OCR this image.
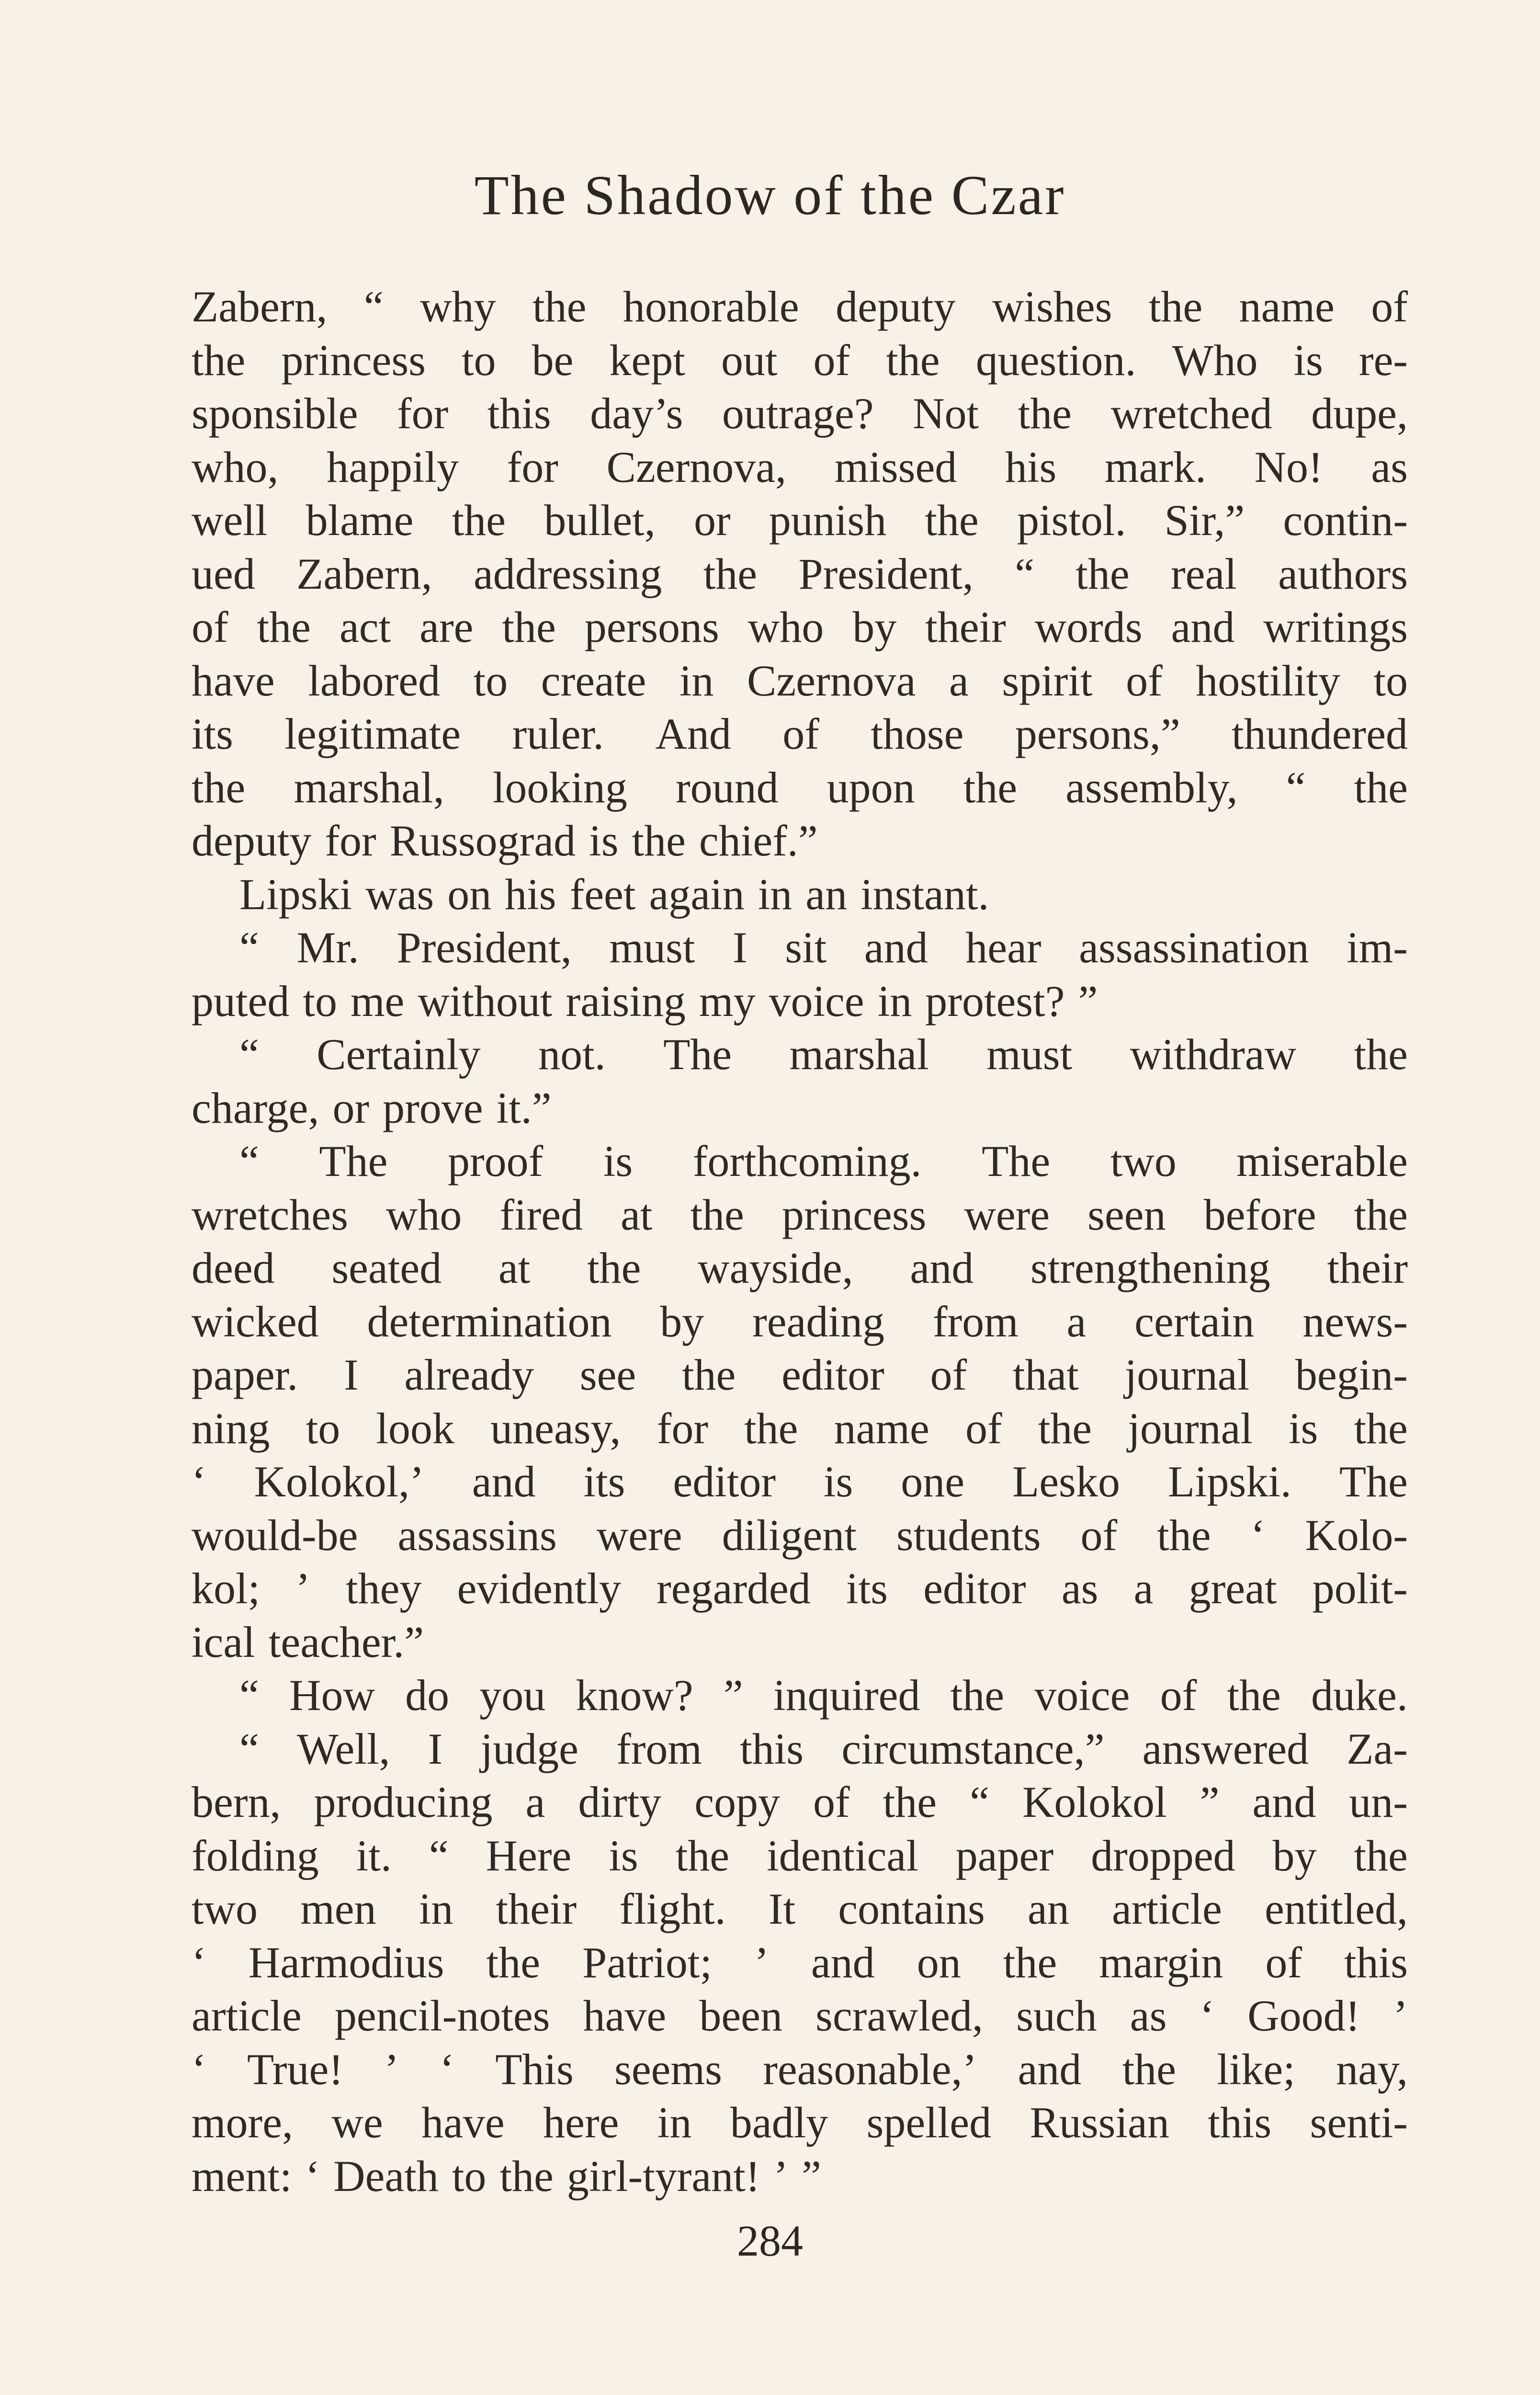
The Shadow of the Czar
Zabern, “ why the honorable deputy wishes the name of
the princess to be kept out of the question. Who is re-
sponsible for this day’s outrage? Not the wretched dupe,
who, happily for Czernova, missed his mark. No! as
well blame the bullet, or punish the pistol. Sir,” contin-
ued Zabern, addressing the President, “ the real authors
of the act are the persons who by their words and writings
have labored to create in Czernova a spirit of hostility to
its legitimate ruler. And of those persons,” thundered
the marshal, looking round upon the assembly, “ the
deputy for Russograd is the chief.”
Lipski was on his feet again in an instant.
“ Mr. President, must I sit and hear assassination im-
puted to me without raising my voice in protest? ”
“ Certainly not. The marshal must withdraw the
charge, or prove it.”
“ The proof is forthcoming. The two miserable
wretches who fired at the princess were seen before the
deed seated at the wayside, and strengthening their
wicked determination by reading from a certain news-
paper. I already see the editor of that journal begin-
ning to look uneasy, for the name of the journal is the
‘ Kolokol,’ and its editor is one Lesko Lipski. The
would-be assassins were diligent students of the ‘ Kolo-
kol; ’ they evidently regarded its editor as a great polit-
ical teacher.”
“ How do you know? ” inquired the voice of the duke.
“ Well, I judge from this circumstance,” answered Za-
bern, producing a dirty copy of the “ Kolokol ” and un-
folding it. “ Here is the identical paper dropped by the
two men in their flight. It contains an article entitled,
‘ Harmodius the Patriot; ’ and on the margin of this
article pencil-notes have been scrawled, such as ‘ Good! ’
‘ True! ’ ‘ This seems reasonable,’ and the like; nay,
more, we have here in badly spelled Russian this senti-
ment: ‘ Death to the girl-tyrant! ’ ”
284
